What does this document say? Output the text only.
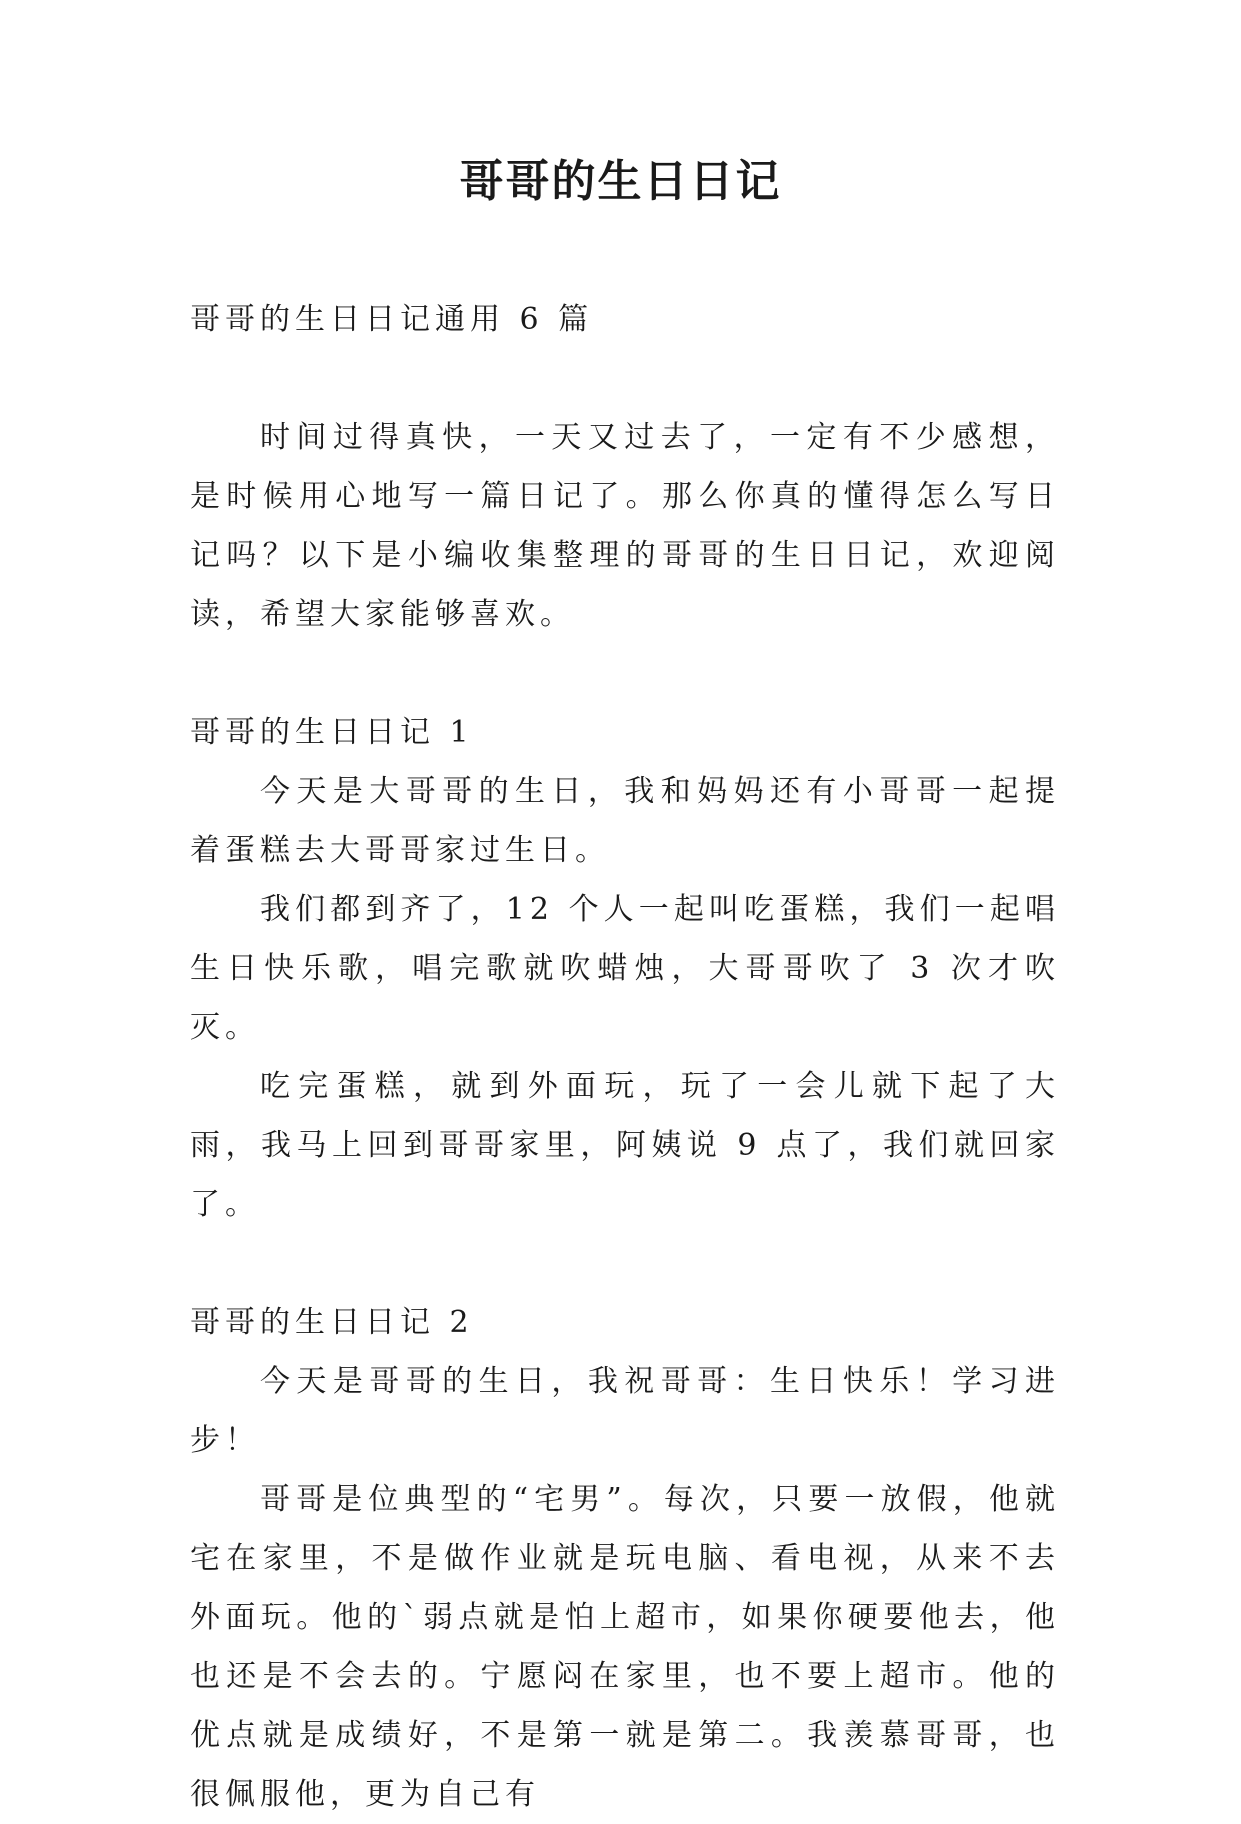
哥哥的生日日记

哥哥的生日日记通用 6 篇

时间过得真快，一天又过去了，一定有不少感想，是时候用心地写一篇日记了。那么你真的懂得怎么写日记吗？以下是小编收集整理的哥哥的生日日记，欢迎阅读，希望大家能够喜欢。

哥哥的生日日记 1

今天是大哥哥的生日，我和妈妈还有小哥哥一起提着蛋糕去大哥哥家过生日。

我们都到齐了，12 个人一起叫吃蛋糕，我们一起唱生日快乐歌，唱完歌就吹蜡烛，大哥哥吹了 3 次才吹灭。

吃完蛋糕，就到外面玩，玩了一会儿就下起了大雨，我马上回到哥哥家里，阿姨说 9 点了，我们就回家了。

哥哥的生日日记 2

今天是哥哥的生日，我祝哥哥：生日快乐！学习进步！

哥哥是位典型的“宅男”。每次，只要一放假，他就宅在家里，不是做作业就是玩电脑、看电视，从来不去外面玩。他的`弱点就是怕上超市，如果你硬要他去，他也还是不会去的。宁愿闷在家里，也不要上超市。他的优点就是成绩好，不是第一就是第二。我羡慕哥哥，也很佩服他，更为自己有
